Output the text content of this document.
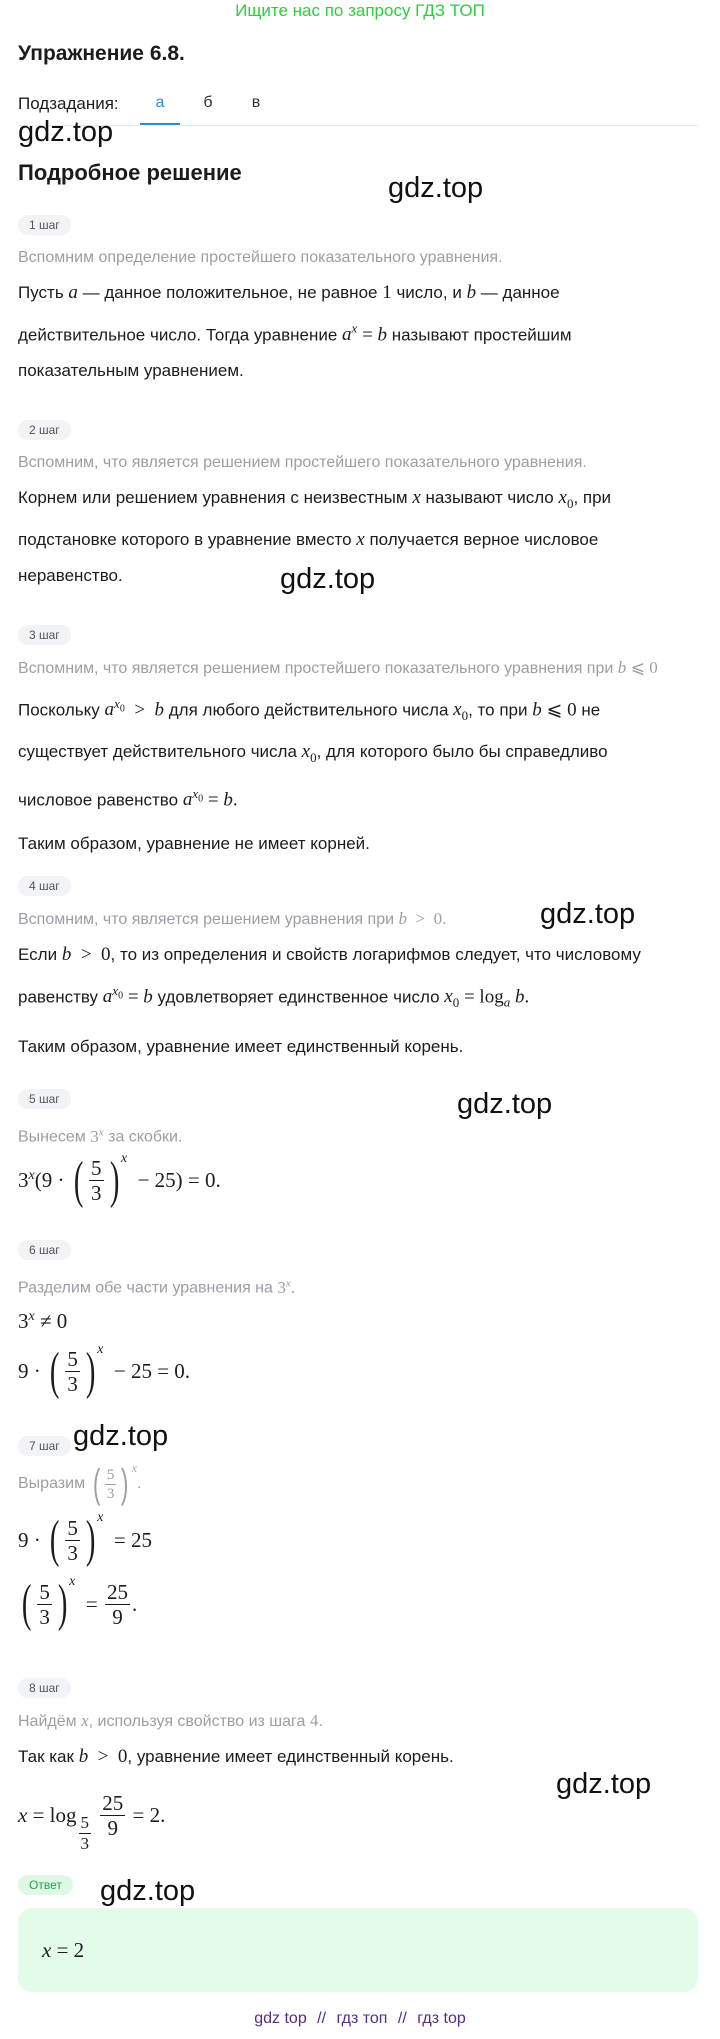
Ищите нас по запросу ГДЗ ТОП
Упражнение 6.8.
Подзадания:	а	б	в
gdz.top
gdz.top
gdz.top
gdz.top
gdz.top
gdz.top
gdz.top
gdz.top
Подробное решение
1 шаг
Вспомним определение простейшего показательного уравнения.
Пусть a — данное положительное, не равное 1 число, и b — данное
действительное число. Тогда уравнение $a^x = b$ называют простейшим
показательным уравнением.
2 шаг
Вспомним, что является решением простейшего показательного уравнения.
Корнем или решением уравнения с неизвестным x называют число $x_0$, при
подстановке которого в уравнение вместо x получается верное числовое
неравенство.
3 шаг
Вспомним, что является решением простейшего показательного уравнения при b ⩽ 0
Поскольку $a^{x_0} > b$ для любого действительного числа $x_0$, то при b ⩽ 0 не
существует действительного числа $x_0$, для которого было бы справедливо
числовое равенство $a^{x_0} = b$.
Таким образом, уравнение не имеет корней.
4 шаг
Вспомним, что является решением уравнения при b  >  0.
Если b  >  0, то из определения и свойств логарифмов следует, что числовому
равенству $a^{x_0} = b$ удовлетворяет единственное число $x_0 = \log_a b$.
Таким образом, уравнение имеет единственный корень.
5 шаг
Вынесем 3$^x$ за скобки.
$3^x(9$ · ( $\frac{5}{3}$ ) x
− 25) = 0.
6 шаг
Разделим обе части уравнения на 3$^x$.
$3^x \ne 0$
9 · ( $\frac{5}{3}$ ) x
− 25 = 0.
7 шаг
Выразим
( $\frac{5}{3}$ ) x
.
9 · ( $\frac{5}{3}$ ) x
= 25
( $\frac{5}{3}$ ) x
= $\frac{25}{9}$ .
8 шаг
Найдём x, используя свойство из шага 4.
Так как b  >  0, уравнение имеет единственный корень.
$x = \log \frac{5}{3}$
$\frac{25}{9} = 2$.
Ответ
x = 2
gdz top // гдз топ // гдз top
